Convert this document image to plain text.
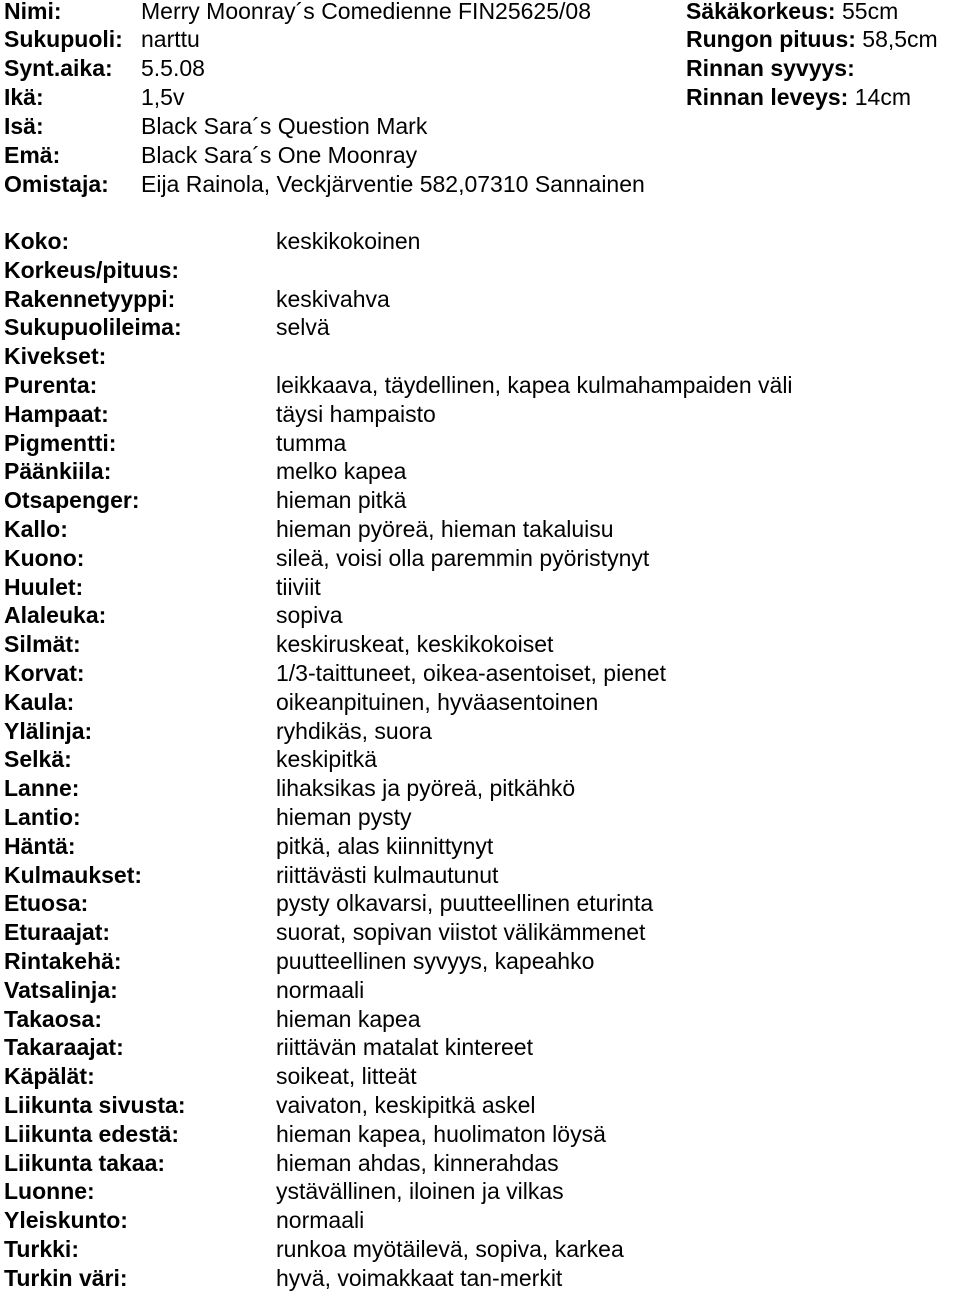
Nimi:	Merry Moonray´s Comedienne FIN25625/08
Sukupuoli: narttu
Synt.aika: 5.5.08
Ikä:	1,5v
Isä:	Black Sara´s Question Mark
Emä:	Black Sara´s One Moonray
Omistaja: Eija Rainola, Veckjärventie 582,07310 Sannainen
Säkäkorkeus: 55cm
Rungon pituus: 58,5cm
Rinnan syvyys:
Rinnan leveys: 14cm
Koko:	keskikokoinen
Korkeus/pituus:
Rakennetyyppi:	keskivahva
Sukupuolileima:	selvä
Kivekset:
Purenta:	leikkaava, täydellinen, kapea kulmahampaiden väli
Hampaat:	täysi hampaisto
Pigmentti:	tumma
Päänkiila:	melko kapea
Otsapenger:	hieman pitkä
Kallo:	hieman pyöreä, hieman takaluisu
Kuono:	sileä, voisi olla paremmin pyöristynyt
Huulet:	tiiviit
Alaleuka:	sopiva
Silmät:	keskiruskeat, keskikokoiset
Korvat:	1/3-taittuneet, oikea-asentoiset, pienet
Kaula:	oikeanpituinen, hyväasentoinen
Ylälinja:	ryhdikäs, suora
Selkä:	keskipitkä
Lanne:	lihaksikas ja pyöreä, pitkähkö
Lantio:	hieman pysty
Häntä:	pitkä, alas kiinnittynyt
Kulmaukset:	riittävästi kulmautunut
Etuosa:	pysty olkavarsi, puutteellinen eturinta
Eturaajat:	suorat, sopivan viistot välikämmenet
Rintakehä:	puutteellinen syvyys, kapeahko
Vatsalinja:	normaali
Takaosa:	hieman kapea
Takaraajat:	riittävän matalat kintereet
Käpälät:	soikeat, litteät
Liikunta sivusta:	vaivaton, keskipitkä askel
Liikunta edestä:	hieman kapea, huolimaton löysä
Liikunta takaa:	hieman ahdas, kinnerahdas
Luonne:	ystävällinen, iloinen ja vilkas
Yleiskunto:	normaali
Turkki:	runkoa myötäilevä, sopiva, karkea
Turkin väri:	hyvä, voimakkaat tan-merkit
